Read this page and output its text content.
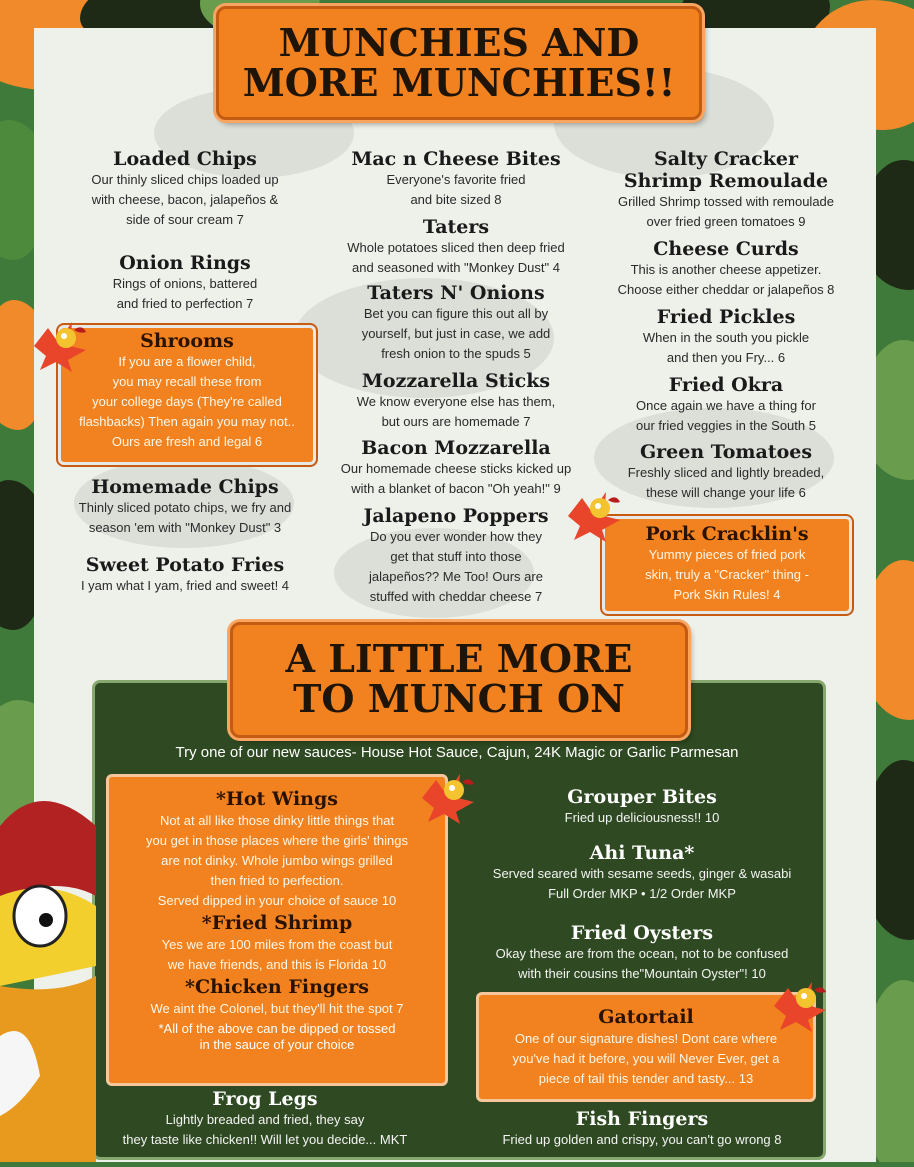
MUNCHIES AND
MORE MUNCHIES!!
Loaded Chips

Our thinly sliced chips loaded up

with cheese, bacon, jalapeños &

side of sour cream 7

Onion Rings

Rings of onions, battered

and fried to perfection 7

Shrooms

If you are a flower child,

you may recall these from

your college days (They're called

flashbacks) Then again you may not..

Ours are fresh and legal 6

Homemade Chips

Thinly sliced potato chips, we fry and

season 'em with "Monkey Dust" 3

Sweet Potato Fries

I yam what I yam, fried and sweet! 4

Mac n Cheese Bites

Everyone's favorite fried

and bite sized 8

Taters

Whole potatoes sliced then deep fried

and seasoned with "Monkey Dust" 4

Taters N' Onions

Bet you can figure this out all by

yourself, but just in case, we add

fresh onion to the spuds 5

Mozzarella Sticks

We know everyone else has them,

but ours are homemade 7

Bacon Mozzarella

Our homemade cheese sticks kicked up

with a blanket of bacon "Oh yeah!" 9

Jalapeno Poppers

Do you ever wonder how they

get that stuff into those

jalapeños?? Me Too! Ours are

stuffed with cheddar cheese 7

Salty Cracker
Shrimp Remoulade

Grilled Shrimp tossed with remoulade

over fried green tomatoes 9

Cheese Curds

This is another cheese appetizer.

Choose either cheddar or jalapeños 8

Fried Pickles

When in the south you pickle

and then you Fry... 6

Fried Okra

Once again we have a thing for

our fried veggies in the South 5

Green Tomatoes

Freshly sliced and lightly breaded,

these will change your life 6

Pork Cracklin's

Yummy pieces of fried pork

skin, truly a "Cracker" thing -

Pork Skin Rules! 4

A LITTLE MORE
TO MUNCH ON
Try one of our new sauces- House Hot Sauce, Cajun, 24K Magic or Garlic Parmesan
*Hot Wings

Not at all like those dinky little things that

you get in those places where the girls' things

are not dinky. Whole jumbo wings grilled

then fried to perfection.

Served dipped in your choice of sauce 10

*Fried Shrimp

Yes we are 100 miles from the coast but

we have friends, and this is Florida 10

*Chicken Fingers

We aint the Colonel, but they'll hit the spot 7

*All of the above can be dipped or tossed

in the sauce of your choice

Frog Legs

Lightly breaded and fried, they say

they taste like chicken!! Will let you decide... MKT

Grouper Bites

Fried up deliciousness!! 10

Ahi Tuna*

Served seared with sesame seeds, ginger & wasabi

Full Order MKP • 1/2 Order MKP

Fried Oysters

Okay these are from the ocean, not to be confused

with their cousins the"Mountain Oyster"! 10

Gatortail

One of our signature dishes! Dont care where

you've had it before, you will Never Ever, get a

piece of tail this tender and tasty... 13

Fish Fingers

Fried up golden and crispy, you can't go wrong 8
